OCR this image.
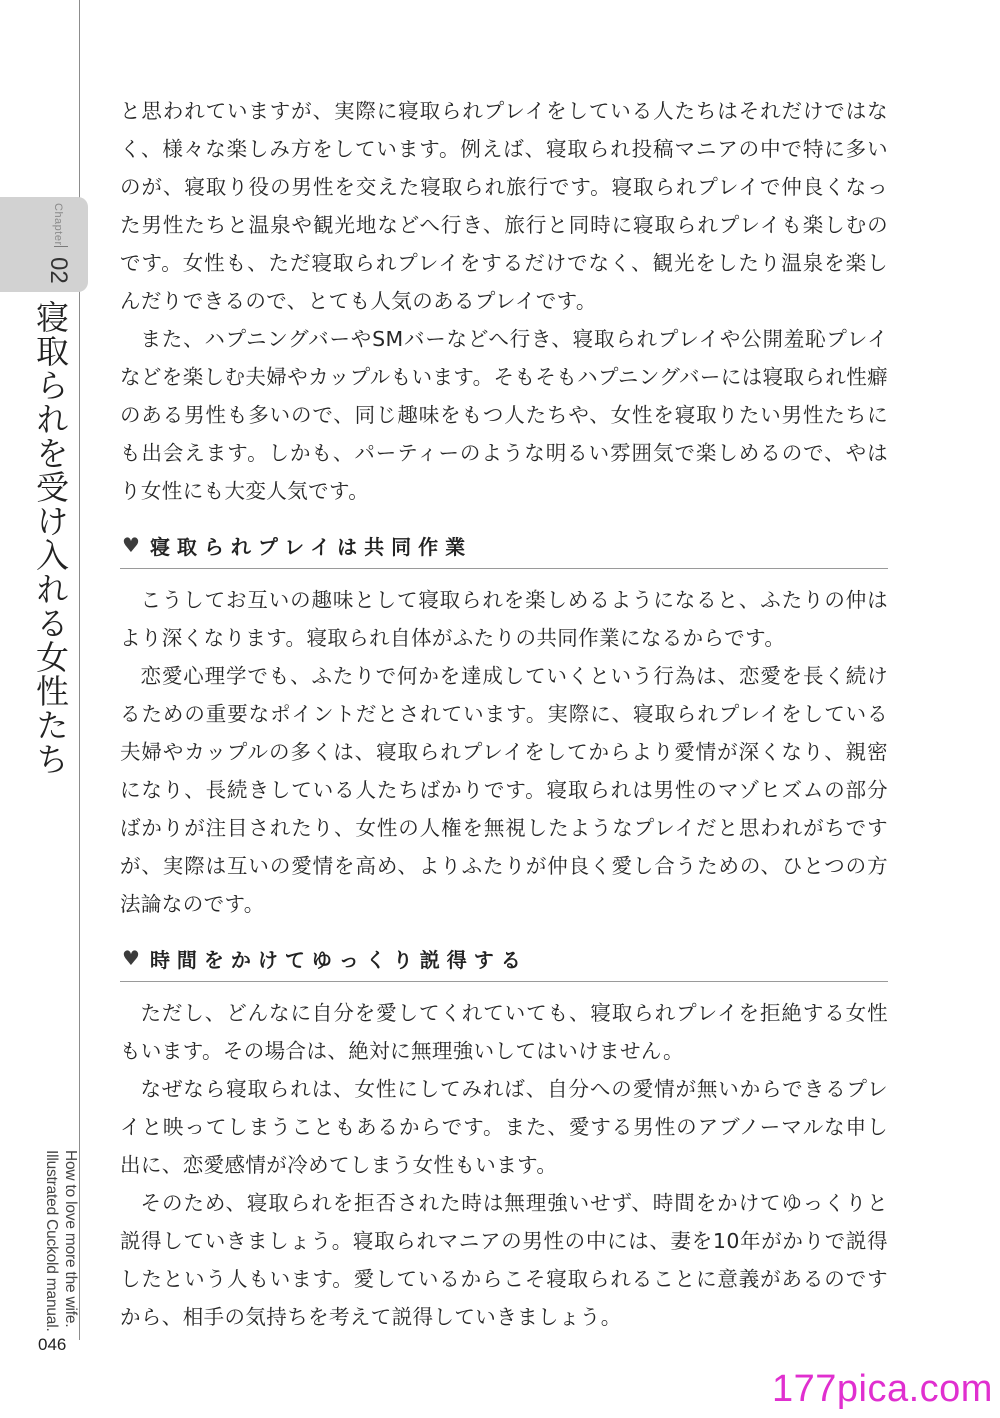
Chapter
02
寝取られを受け入れる女性たち
How to love more the wife.
Illustrated Cuckold manual.
046

と思われていますが、実際に寝取られプレイをしている人たちはそれだけではなく、様々な楽しみ方をしています。例えば、寝取られ投稿マニアの中で特に多いのが、寝取り役の男性を交えた寝取られ旅行です。寝取られプレイで仲良くなった男性たちと温泉や観光地などへ行き、旅行と同時に寝取られプレイも楽しむのです。女性も、ただ寝取られプレイをするだけでなく、観光をしたり温泉を楽しんだりできるので、とても人気のあるプレイです。

また、ハプニングバーやSMバーなどへ行き、寝取られプレイや公開羞恥プレイなどを楽しむ夫婦やカップルもいます。そもそもハプニングバーには寝取られ性癖のある男性も多いので、同じ趣味をもつ人たちや、女性を寝取りたい男性たちにも出会えます。しかも、パーティーのような明るい雰囲気で楽しめるので、やはり女性にも大変人気です。

♥ 寝取られプレイは共同作業

こうしてお互いの趣味として寝取られを楽しめるようになると、ふたりの仲はより深くなります。寝取られ自体がふたりの共同作業になるからです。

恋愛心理学でも、ふたりで何かを達成していくという行為は、恋愛を長く続けるための重要なポイントだとされています。実際に、寝取られプレイをしている夫婦やカップルの多くは、寝取られプレイをしてからより愛情が深くなり、親密になり、長続きしている人たちばかりです。寝取られは男性のマゾヒズムの部分ばかりが注目されたり、女性の人権を無視したようなプレイだと思われがちですが、実際は互いの愛情を高め、よりふたりが仲良く愛し合うための、ひとつの方法論なのです。

♥ 時間をかけてゆっくり説得する

ただし、どんなに自分を愛してくれていても、寝取られプレイを拒絶する女性もいます。その場合は、絶対に無理強いしてはいけません。

なぜなら寝取られは、女性にしてみれば、自分への愛情が無いからできるプレイと映ってしまうこともあるからです。また、愛する男性のアブノーマルな申し出に、恋愛感情が冷めてしまう女性もいます。

そのため、寝取られを拒否された時は無理強いせず、時間をかけてゆっくりと説得していきましょう。寝取られマニアの男性の中には、妻を10年がかりで説得したという人もいます。愛しているからこそ寝取られることに意義があるのですから、相手の気持ちを考えて説得していきましょう。

177pica.com
